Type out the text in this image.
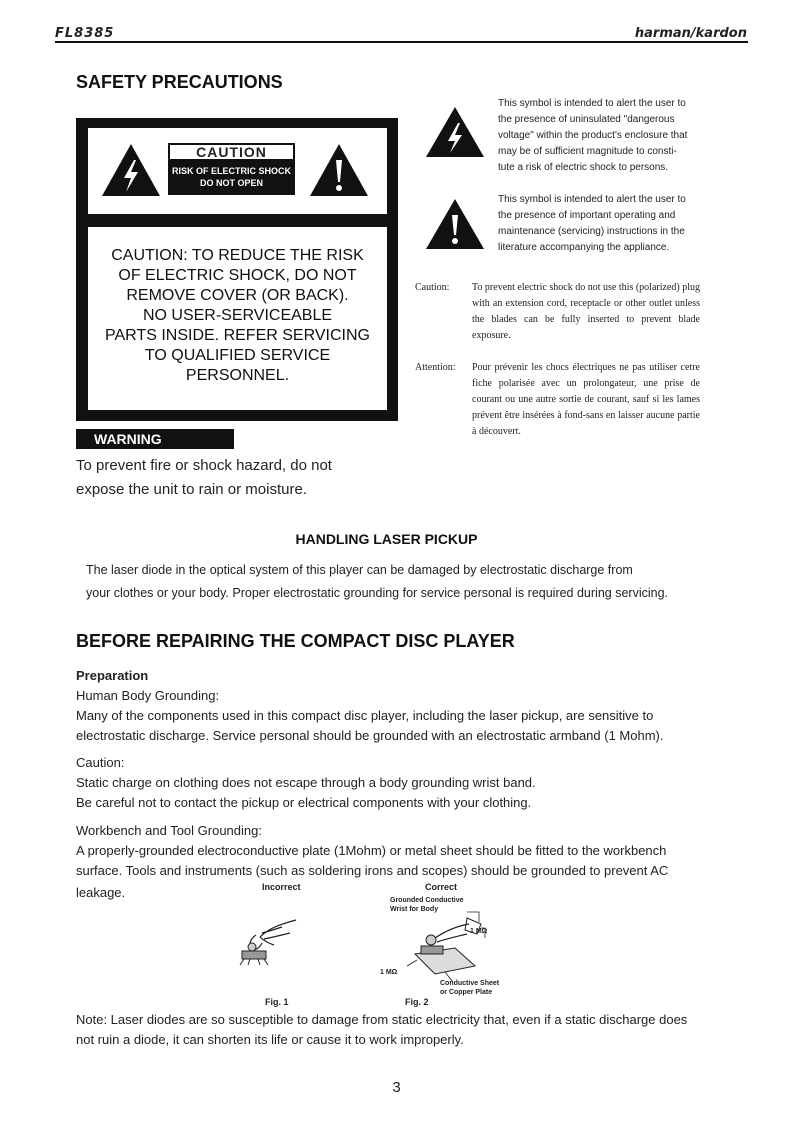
FL8385	harman/kardon
SAFETY PRECAUTIONS
CAUTION
RISK OF ELECTRIC SHOCK
DO NOT OPEN
CAUTION: TO REDUCE THE RISK
OF ELECTRIC SHOCK, DO NOT
REMOVE COVER (OR BACK).
NO USER-SERVICEABLE
PARTS INSIDE. REFER SERVICING
TO QUALIFIED SERVICE
PERSONNEL.
WARNING
To prevent fire or shock hazard, do not
expose the unit to rain or moisture.
This symbol is intended to alert the user to
the presence of uninsulated "dangerous
voltage" within the product's enclosure that
may be of sufficient magnitude to consti-
tute a risk of electric shock to persons.
This symbol is intended to alert the user to
the presence of important operating and
maintenance (servicing) instructions in the
literature accompanying the appliance.
Caution: To prevent electric shock do not use this (polarized) plug with an extension cord, receptacle or other outlet unless the blades can be fully inserted to prevent blade exposure.
Attention: Pour prévenir les chocs électriques ne pas utiliser cetre fiche polarisée avec un prolongateur, une prise de courant ou une autre sortie de courant, sauf si les lames prévent être insérées à fond-sans en laisser aucune partie à découvert.
HANDLING LASER PICKUP
The laser diode in the optical system of this player can be damaged by electrostatic discharge from
your clothes or your body. Proper electrostatic grounding for service personal is required during servicing.
BEFORE REPAIRING THE COMPACT DISC PLAYER
Preparation
Human Body Grounding:
Many of the components used in this compact disc player, including the laser pickup, are sensitive to
electrostatic discharge. Service personal should be grounded with an electrostatic armband (1 Mohm).
Caution:
Static charge on clothing does not escape through a body grounding wrist band.
Be careful not to contact the pickup or electrical components with your clothing.
Workbench and Tool Grounding:
A properly-grounded electroconductive plate (1Mohm) or metal sheet should be fitted to the workbench
surface. Tools and instruments (such as soldering irons and scopes) should be grounded to prevent AC
leakage.	Incorrect	Correct
Grounded Conductive
Wrist for Body
1 MΩ
1 MΩ
Conductive Sheet
or Copper Plate
Fig. 1	Fig. 2
Note: Laser diodes are so susceptible to damage from static electricity that, even if a static discharge does
not ruin a diode, it can shorten its life or cause it to work improperly.
3
